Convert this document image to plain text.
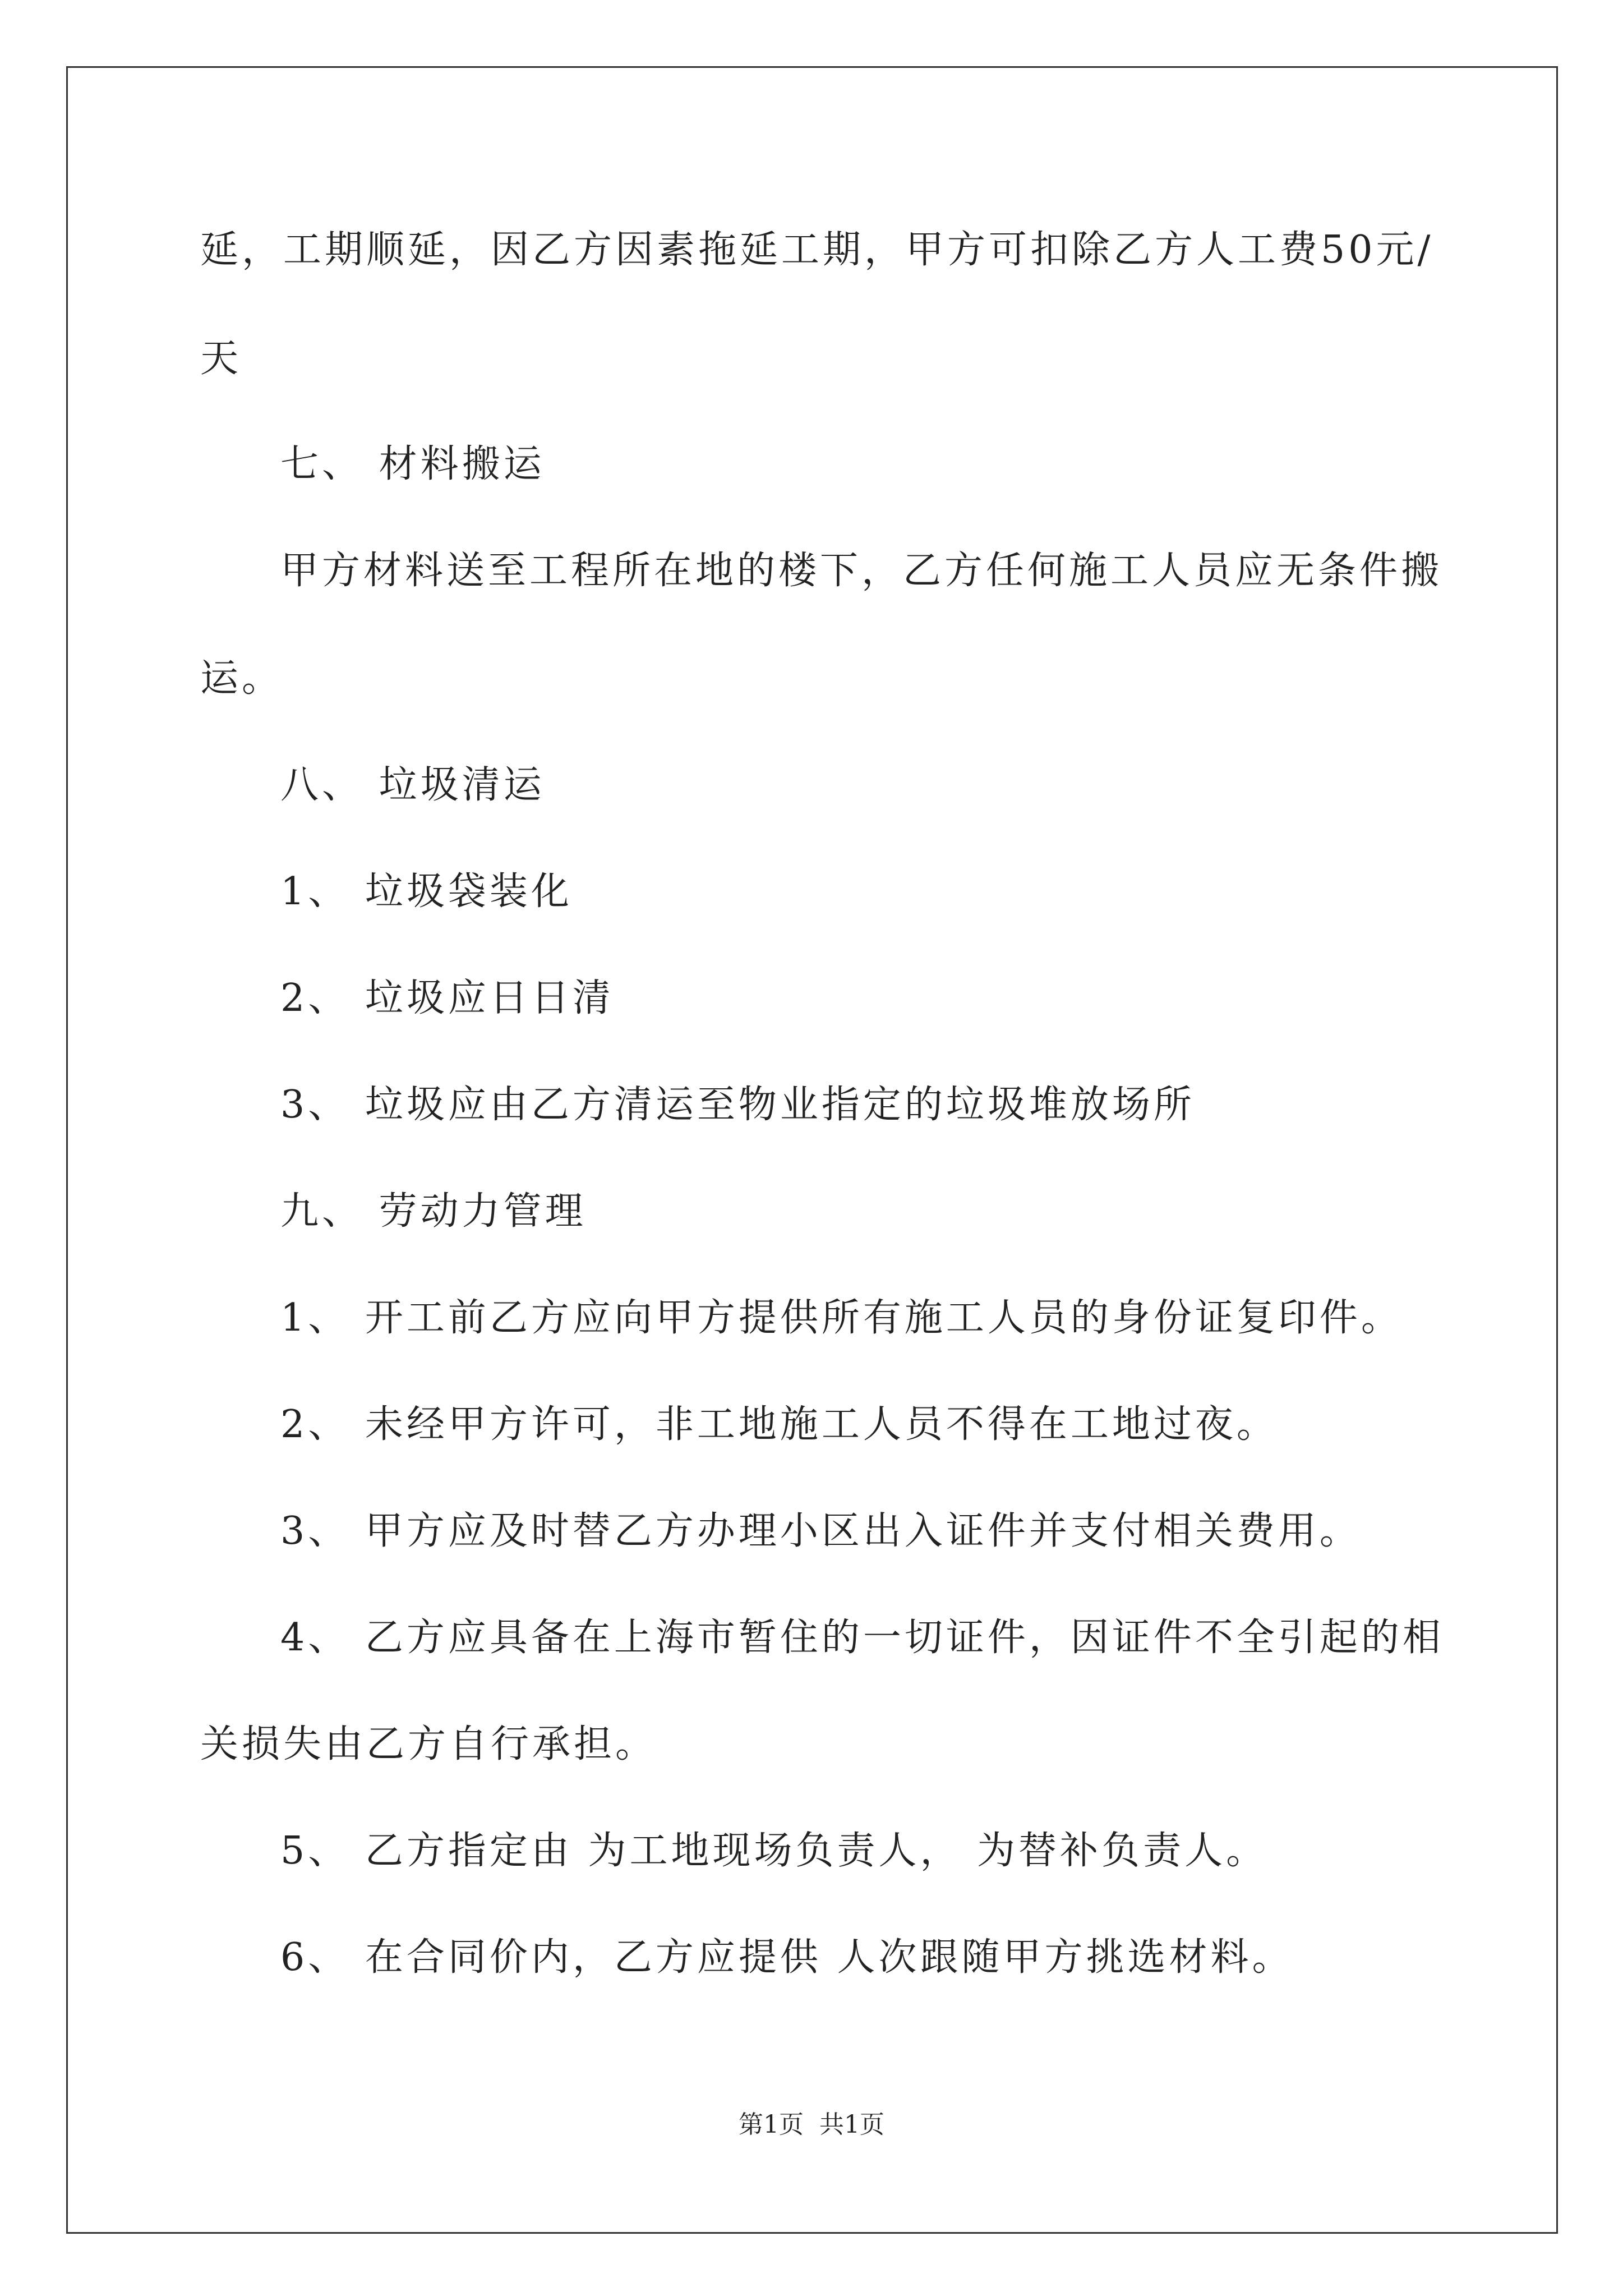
延，工期顺延，因乙方因素拖延工期，甲方可扣除乙方人工费50元/
天
七、 材料搬运
甲方材料送至工程所在地的楼下，乙方任何施工人员应无条件搬
运。
八、 垃圾清运
1、 垃圾袋装化
2、 垃圾应日日清
3、 垃圾应由乙方清运至物业指定的垃圾堆放场所
九、 劳动力管理
1、 开工前乙方应向甲方提供所有施工人员的身份证复印件。
2、 未经甲方许可，非工地施工人员不得在工地过夜。
3、 甲方应及时替乙方办理小区出入证件并支付相关费用。
4、 乙方应具备在上海市暂住的一切证件，因证件不全引起的相
关损失由乙方自行承担。
5、 乙方指定由 为工地现场负责人， 为替补负责人。
6、 在合同价内，乙方应提供 人次跟随甲方挑选材料。
第1页  共1页
